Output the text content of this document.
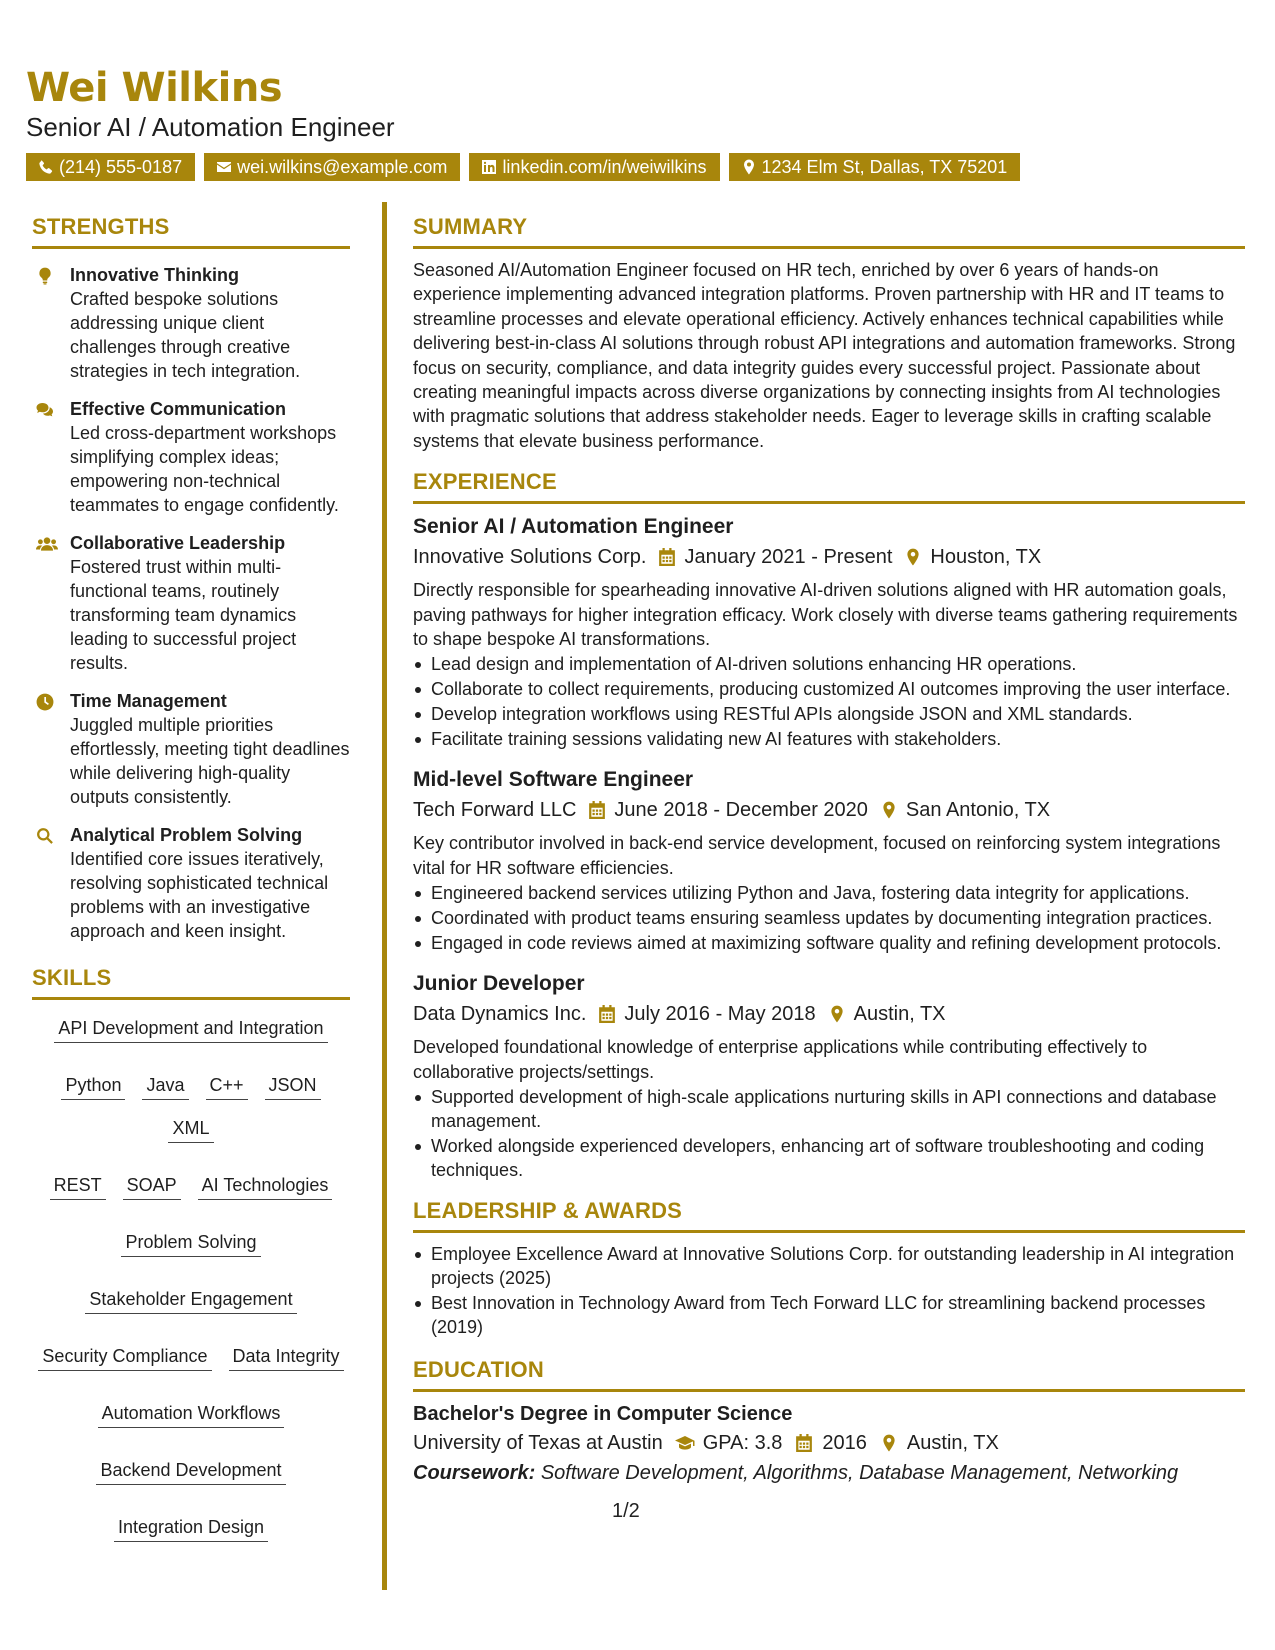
Wei Wilkins
Senior AI / Automation Engineer
(214) 555-0187	wei.wilkins@example.com	linkedin.com/in/weiwilkins	1234 Elm St, Dallas, TX 75201
STRENGTHS
Innovative Thinking
Crafted bespoke solutions addressing unique client challenges through creative strategies in tech integration.
Effective Communication
Led cross-department workshops simplifying complex ideas; empowering non-technical teammates to engage confidently.
Collaborative Leadership
Fostered trust within multi-functional teams, routinely transforming team dynamics leading to successful project results.
Time Management
Juggled multiple priorities effortlessly, meeting tight deadlines while delivering high-quality outputs consistently.
Analytical Problem Solving
Identified core issues iteratively, resolving sophisticated technical problems with an investigative approach and keen insight.
SKILLS
API Development and Integration
Python Java C++ JSON
XML
REST SOAP AI Technologies
Problem Solving
Stakeholder Engagement
Security Compliance Data Integrity
Automation Workflows
Backend Development
Integration Design
SUMMARY
Seasoned AI/Automation Engineer focused on HR tech, enriched by over 6 years of hands-on experience implementing advanced integration platforms. Proven partnership with HR and IT teams to streamline processes and elevate operational efficiency. Actively enhances technical capabilities while delivering best-in-class AI solutions through robust API integrations and automation frameworks. Strong focus on security, compliance, and data integrity guides every successful project. Passionate about creating meaningful impacts across diverse organizations by connecting insights from AI technologies with pragmatic solutions that address stakeholder needs. Eager to leverage skills in crafting scalable systems that elevate business performance.
EXPERIENCE
Senior AI / Automation Engineer
Innovative Solutions Corp. January 2021 - Present Houston, TX
Directly responsible for spearheading innovative AI-driven solutions aligned with HR automation goals, paving pathways for higher integration efficacy. Work closely with diverse teams gathering requirements to shape bespoke AI transformations.
Lead design and implementation of AI-driven solutions enhancing HR operations.
Collaborate to collect requirements, producing customized AI outcomes improving the user interface.
Develop integration workflows using RESTful APIs alongside JSON and XML standards.
Facilitate training sessions validating new AI features with stakeholders.
Mid-level Software Engineer
Tech Forward LLC June 2018 - December 2020 San Antonio, TX
Key contributor involved in back-end service development, focused on reinforcing system integrations vital for HR software efficiencies.
Engineered backend services utilizing Python and Java, fostering data integrity for applications.
Coordinated with product teams ensuring seamless updates by documenting integration practices.
Engaged in code reviews aimed at maximizing software quality and refining development protocols.
Junior Developer
Data Dynamics Inc. July 2016 - May 2018 Austin, TX
Developed foundational knowledge of enterprise applications while contributing effectively to collaborative projects/settings.
Supported development of high-scale applications nurturing skills in API connections and database management.
Worked alongside experienced developers, enhancing art of software troubleshooting and coding techniques.
LEADERSHIP & AWARDS
Employee Excellence Award at Innovative Solutions Corp. for outstanding leadership in AI integration projects (2025)
Best Innovation in Technology Award from Tech Forward LLC for streamlining backend processes (2019)
EDUCATION
Bachelor's Degree in Computer Science
University of Texas at Austin GPA: 3.8 2016 Austin, TX
Coursework: Software Development, Algorithms, Database Management, Networking
1/2
